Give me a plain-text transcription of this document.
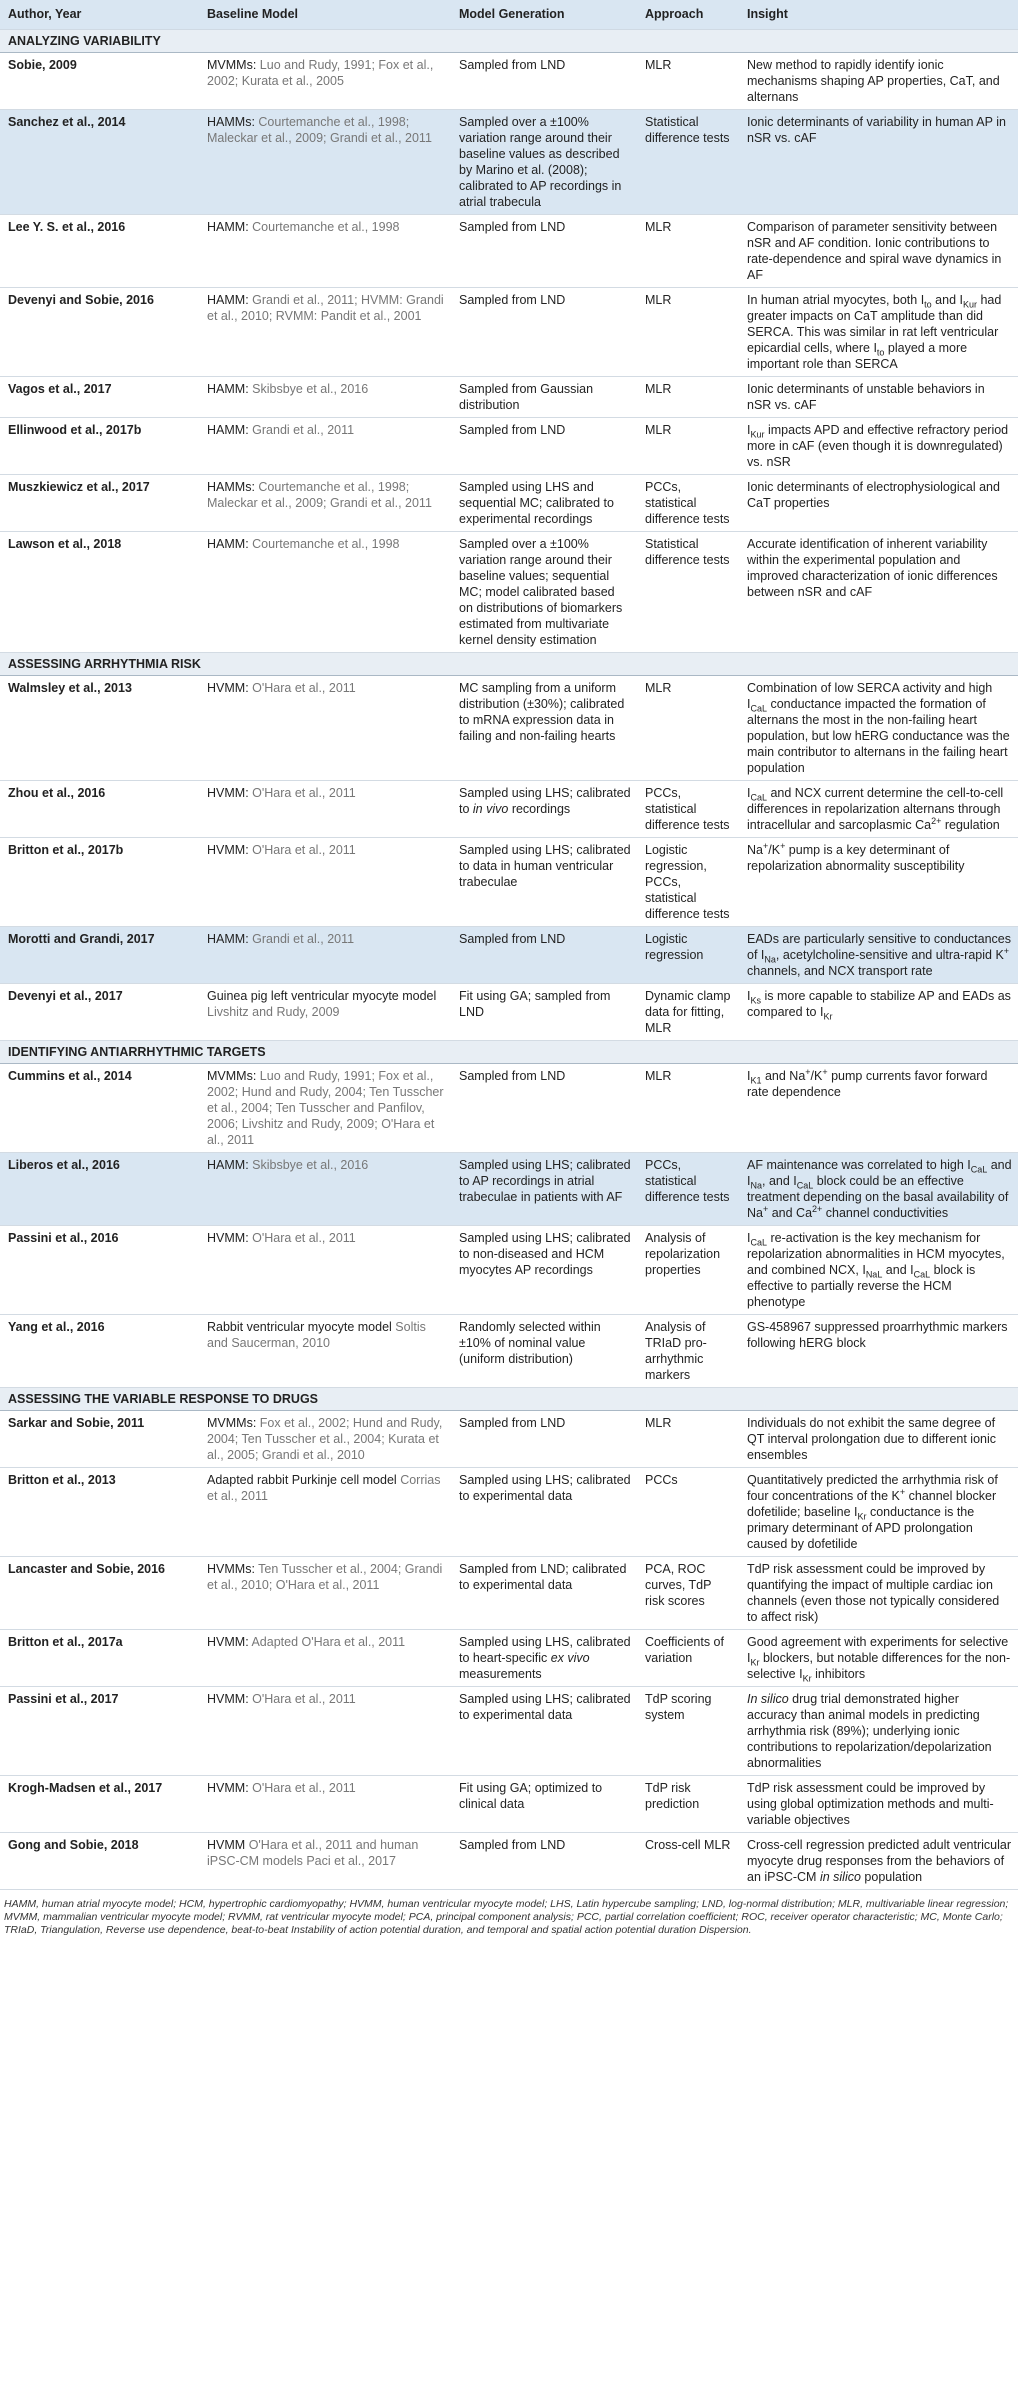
Author, Year	Baseline Model	Model Generation	Approach	Insight
ANALYZING VARIABILITY				
Sobie, 2009	MVMMs: Luo and Rudy, 1991; Fox et al., 2002; Kurata et al., 2005	Sampled from LND	MLR	New method to rapidly identify ionic mechanisms shaping AP properties, CaT, and alternans
Sanchez et al., 2014	HAMMs: Courtemanche et al., 1998; Maleckar et al., 2009; Grandi et al., 2011	Sampled over a ±100% variation range around their baseline values as described by Marino et al. (2008); calibrated to AP recordings in atrial trabecula	Statistical difference tests	Ionic determinants of variability in human AP in nSR vs. cAF
Lee Y. S. et al., 2016	HAMM: Courtemanche et al., 1998	Sampled from LND	MLR	Comparison of parameter sensitivity between nSR and AF condition. Ionic contributions to rate-dependence and spiral wave dynamics in AF
Devenyi and Sobie, 2016	HAMM: Grandi et al., 2011; HVMM: Grandi et al., 2010; RVMM: Pandit et al., 2001	Sampled from LND	MLR	In human atrial myocytes, both $I_{to}$ and $I_{Kur}$ had greater impacts on CaT amplitude than did SERCA. This was similar in rat left ventricular epicardial cells, where $I_{to}$ played a more important role than SERCA
Vagos et al., 2017	HAMM: Skibsbye et al., 2016	Sampled from Gaussian distribution	MLR	Ionic determinants of unstable behaviors in nSR vs. cAF
Ellinwood et al., 2017b	HAMM: Grandi et al., 2011	Sampled from LND	MLR	$I_{Kur}$ impacts APD and effective refractory period more in cAF (even though it is downregulated) vs. nSR
Muszkiewicz et al., 2017	HAMMs: Courtemanche et al., 1998; Maleckar et al., 2009; Grandi et al., 2011	Sampled using LHS and sequential MC; calibrated to experimental recordings	PCCs, statistical difference tests	Ionic determinants of electrophysiological and CaT properties
Lawson et al., 2018	HAMM: Courtemanche et al., 1998	Sampled over a ±100% variation range around their baseline values; sequential MC; model calibrated based on distributions of biomarkers estimated from multivariate kernel density estimation	Statistical difference tests	Accurate identification of inherent variability within the experimental population and improved characterization of ionic differences between nSR and cAF
ASSESSING ARRHYTHMIA RISK				
Walmsley et al., 2013	HVMM: O'Hara et al., 2011	MC sampling from a uniform distribution (±30%); calibrated to mRNA expression data in failing and non-failing hearts	MLR	Combination of low SERCA activity and high $I_{CaL}$ conductance impacted the formation of alternans the most in the non-failing heart population, but low hERG conductance was the main contributor to alternans in the failing heart population
Zhou et al., 2016	HVMM: O'Hara et al., 2011	Sampled using LHS; calibrated to in vivo recordings	PCCs, statistical difference tests	$I_{CaL}$ and NCX current determine the cell-to-cell differences in repolarization alternans through intracellular and sarcoplasmic $Ca^{2+}$ regulation
Britton et al., 2017b	HVMM: O'Hara et al., 2011	Sampled using LHS; calibrated to data in human ventricular trabeculae	Logistic regression, PCCs, statistical difference tests	Na+/K+ pump is a key determinant of repolarization abnormality susceptibility
Morotti and Grandi, 2017	HAMM: Grandi et al., 2011	Sampled from LND	Logistic regression	EADs are particularly sensitive to conductances of $I_{Na}$, acetylcholine-sensitive and ultra-rapid K+ channels, and NCX transport rate
Devenyi et al., 2017	Guinea pig left ventricular myocyte model Livshitz and Rudy, 2009	Fit using GA; sampled from LND	Dynamic clamp data for fitting, MLR	$I_{Ks}$ is more capable to stabilize AP and EADs as compared to $I_{Kr}$
IDENTIFYING ANTIARRHYTHMIC TARGETS				
Cummins et al., 2014	MVMMs: Luo and Rudy, 1991; Fox et al., 2002; Hund and Rudy, 2004; Ten Tusscher et al., 2004; Ten Tusscher and Panfilov, 2006; Livshitz and Rudy, 2009; O'Hara et al., 2011	Sampled from LND	MLR	$I_{K1}$ and Na+/K+ pump currents favor forward rate dependence
Liberos et al., 2016	HAMM: Skibsbye et al., 2016	Sampled using LHS; calibrated to AP recordings in atrial trabeculae in patients with AF	PCCs, statistical difference tests	AF maintenance was correlated to high $I_{CaL}$ and $I_{Na}$, and $I_{CaL}$ block could be an effective treatment depending on the basal availability of Na+ and $Ca^{2+}$ channel conductivities
Passini et al., 2016	HVMM: O'Hara et al., 2011	Sampled using LHS; calibrated to non-diseased and HCM myocytes AP recordings	Analysis of repolarization properties	$I_{CaL}$ re-activation is the key mechanism for repolarization abnormalities in HCM myocytes, and combined NCX, $I_{NaL}$ and $I_{CaL}$ block is effective to partially reverse the HCM phenotype
Yang et al., 2016	Rabbit ventricular myocyte model Soltis and Saucerman, 2010	Randomly selected within ±10% of nominal value (uniform distribution)	Analysis of TRIaD pro-arrhythmic markers	GS-458967 suppressed proarrhythmic markers following hERG block
ASSESSING THE VARIABLE RESPONSE TO DRUGS				
Sarkar and Sobie, 2011	MVMMs: Fox et al., 2002; Hund and Rudy, 2004; Ten Tusscher et al., 2004; Kurata et al., 2005; Grandi et al., 2010	Sampled from LND	MLR	Individuals do not exhibit the same degree of QT interval prolongation due to different ionic ensembles
Britton et al., 2013	Adapted rabbit Purkinje cell model Corrias et al., 2011	Sampled using LHS; calibrated to experimental data	PCCs	Quantitatively predicted the arrhythmia risk of four concentrations of the K+ channel blocker dofetilide; baseline $I_{Kr}$ conductance is the primary determinant of APD prolongation caused by dofetilide
Lancaster and Sobie, 2016	HVMMs: Ten Tusscher et al., 2004; Grandi et al., 2010; O'Hara et al., 2011	Sampled from LND; calibrated to experimental data	PCA, ROC curves, TdP risk scores	TdP risk assessment could be improved by quantifying the impact of multiple cardiac ion channels (even those not typically considered to affect risk)
Britton et al., 2017a	HVMM: Adapted O'Hara et al., 2011	Sampled using LHS, calibrated to heart-specific ex vivo measurements	Coefficients of variation	Good agreement with experiments for selective $I_{Kr}$ blockers, but notable differences for the non-selective $I_{Kr}$ inhibitors
Passini et al., 2017	HVMM: O'Hara et al., 2011	Sampled using LHS; calibrated to experimental data	TdP scoring system	In silico drug trial demonstrated higher accuracy than animal models in predicting arrhythmia risk (89%); underlying ionic contributions to repolarization/depolarization abnormalities
Krogh-Madsen et al., 2017	HVMM: O'Hara et al., 2011	Fit using GA; optimized to clinical data	TdP risk prediction	TdP risk assessment could be improved by using global optimization methods and multi-variable objectives
Gong and Sobie, 2018	HVMM O'Hara et al., 2011 and human iPSC-CM models Paci et al., 2017	Sampled from LND	Cross-cell MLR	Cross-cell regression predicted adult ventricular myocyte drug responses from the behaviors of an iPSC-CM in silico population
HAMM, human atrial myocyte model; HCM, hypertrophic cardiomyopathy; HVMM, human ventricular myocyte model; LHS, Latin hypercube sampling; LND, log-normal distribution; MLR, multivariable linear regression; MVMM, mammalian ventricular myocyte model; RVMM, rat ventricular myocyte model; PCA, principal component analysis; PCC, partial correlation coefficient; ROC, receiver operator characteristic; MC, Monte Carlo; TRIaD, Triangulation, Reverse use dependence, beat-to-beat Instability of action potential duration, and temporal and spatial action potential duration Dispersion.				
